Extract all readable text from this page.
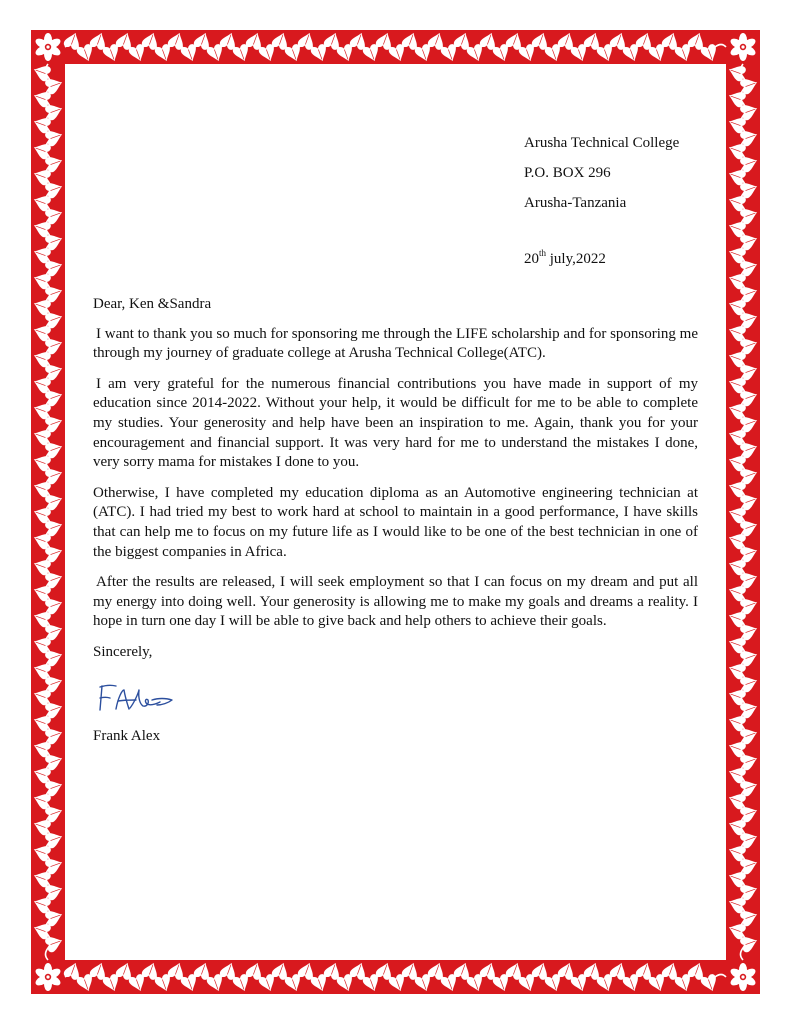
Arusha Technical College
P.O. BOX 296
Arusha-Tanzania
20th july,2022

Dear, Ken &Sandra

I want to thank you so much for sponsoring me through the LIFE scholarship and for sponsoring me through my journey of graduate college at Arusha Technical College(ATC).

I am very grateful for the numerous financial contributions you have made in support of my education since 2014-2022. Without your help, it would be difficult for me to be able to complete my studies. Your generosity and help have been an inspiration to me. Again, thank you for your encouragement and financial support. It was very hard for me to understand the mistakes I done, very sorry mama for mistakes I done to you.

Otherwise, I have completed my education diploma as an Automotive engineering technician at (ATC). I had tried my best to work hard at school to maintain in a good performance, I have skills that can help me to focus on my future life as I would like to be one of the best technician in one of the biggest companies in Africa.

After the results are released, I will seek employment so that I can focus on my dream and put all my energy into doing well. Your generosity is allowing me to make my goals and dreams a reality. I hope in turn one day I will be able to give back and help others to achieve their goals.

Sincerely,

Frank Alex
